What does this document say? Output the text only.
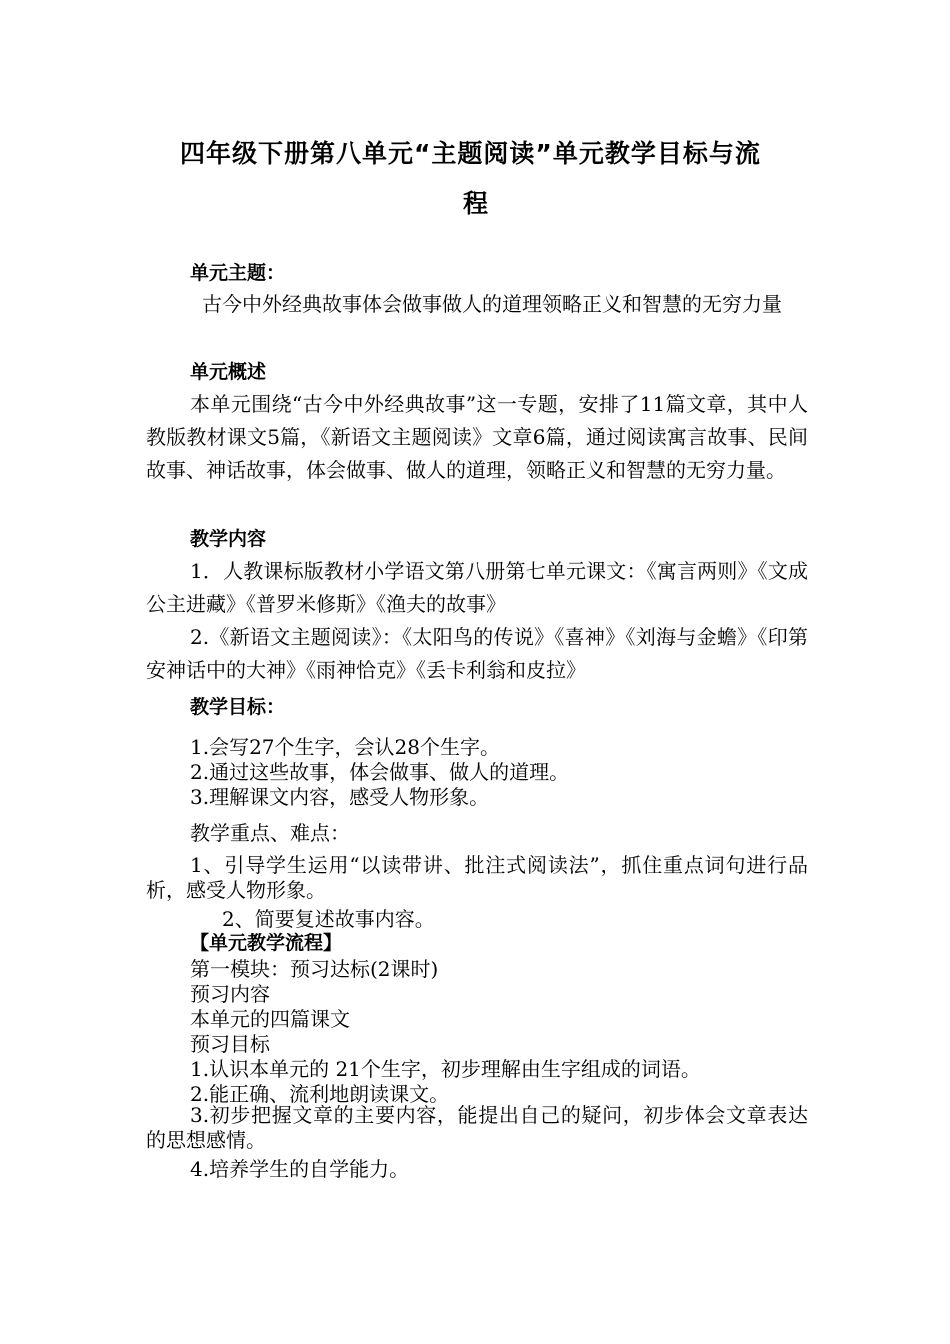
四年级下册第八单元“主题阅读”单元教学目标与流
程
单元主题：
古今中外经典故事体会做事做人的道理领略正义和智慧的无穷力量
单元概述
本单元围绕“古今中外经典故事”这一专题，安排了11篇文章，其中人教版教材课文5篇，《新语文主题阅读》文章6篇，通过阅读寓言故事、民间故事、神话故事，体会做事、做人的道理，领略正义和智慧的无穷力量。
教学内容
1．人教课标版教材小学语文第八册第七单元课文：《寓言两则》《文成公主进藏》《普罗米修斯》《渔夫的故事》
2.《新语文主题阅读》：《太阳鸟的传说》《喜神》《刘海与金蟾》《印第安神话中的大神》《雨神恰克》《丢卡利翁和皮拉》
教学目标：
1.会写27个生字，会认28个生字。
2.通过这些故事，体会做事、做人的道理。
3.理解课文内容，感受人物形象。
教学重点、难点：
1、引导学生运用“以读带讲、批注式阅读法”，抓住重点词句进行品析，感受人物形象。
2、简要复述故事内容。
【单元教学流程】
第一模块：预习达标(2课时)
预习内容
本单元的四篇课文
预习目标
1.认识本单元的 21个生字，初步理解由生字组成的词语。
2.能正确、流利地朗读课文。
3.初步把握文章的主要内容，能提出自己的疑问，初步体会文章表达的思想感情。
4.培养学生的自学能力。
